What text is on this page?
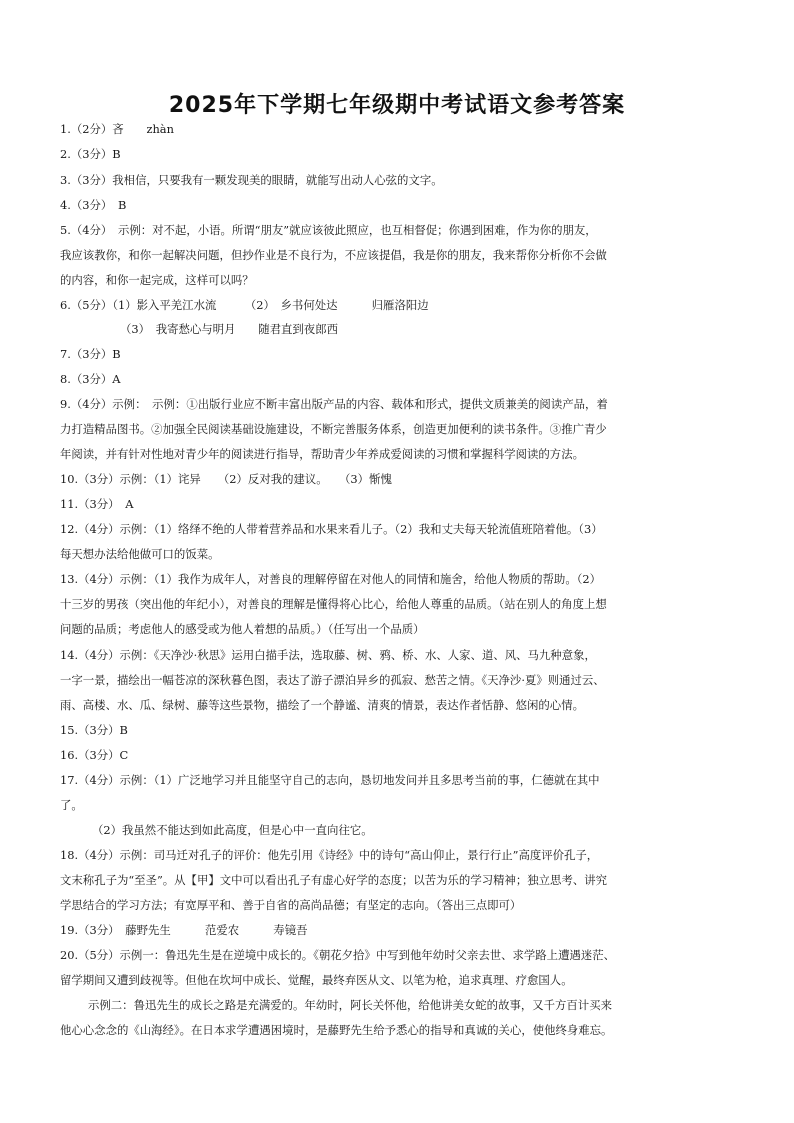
2025年下学期七年级期中考试语文参考答案
1.（2分）吝　　zhàn
2.（3分）B
3.（3分）我相信，只要我有一颗发现美的眼睛，就能写出动人心弦的文字。
4.（3分）　B
5.（4分）　示例：对不起，小语。所谓“朋友”就应该彼此照应，也互相督促；你遇到困难，作为你的朋友，
我应该教你，和你一起解决问题，但抄作业是不良行为，不应该提倡，我是你的朋友，我来帮你分析你不会做
的内容，和你一起完成，这样可以吗？
6.（5分）（1）影入平羌江水流　　　（2）　乡书何处达　　　归雁洛阳边
（3）　我寄愁心与明月　　随君直到夜郎西
7.（3分）B
8.（3分）A
9.（4分）示例：　示例：①出版行业应不断丰富出版产品的内容、载体和形式，提供文质兼美的阅读产品，着
力打造精品图书。②加强全民阅读基础设施建设，不断完善服务体系，创造更加便利的读书条件。③推广青少
年阅读，并有针对性地对青少年的阅读进行指导，帮助青少年养成爱阅读的习惯和掌握科学阅读的方法。
10.（3分）示例：（1）诧异　　（2）反对我的建议。　　（3）惭愧
11.（3分）　A
12.（4分）示例：（1）络绎不绝的人带着营养品和水果来看儿子。（2）我和丈夫每天轮流值班陪着他。（3）
每天想办法给他做可口的饭菜。
13.（4分）示例：（1）我作为成年人，对善良的理解停留在对他人的同情和施舍，给他人物质的帮助。（2）
十三岁的男孩（突出他的年纪小），对善良的理解是懂得将心比心，给他人尊重的品质。（站在别人的角度上想
问题的品质；考虑他人的感受或为他人着想的品质。）（任写出一个品质）
14.（4分）示例：《天净沙·秋思》运用白描手法，选取藤、树、鸦、桥、水、人家、道、风、马九种意象，
一字一景，描绘出一幅苍凉的深秋暮色图，表达了游子漂泊异乡的孤寂、愁苦之情。《天净沙·夏》则通过云、
雨、高楼、水、瓜、绿树、藤等这些景物，描绘了一个静谧、清爽的情景，表达作者恬静、悠闲的心情。
15.（3分）B
16.（3分）C
17.（4分）示例：（1）广泛地学习并且能坚守自己的志向，恳切地发问并且多思考当前的事，仁德就在其中
了。
（2）我虽然不能达到如此高度，但是心中一直向往它。
18.（4分）示例：司马迁对孔子的评价：他先引用《诗经》中的诗句“高山仰止，景行行止”高度评价孔子，
文末称孔子为“至圣”。从【甲】文中可以看出孔子有虚心好学的态度；以苦为乐的学习精神；独立思考、讲究
学思结合的学习方法；有宽厚平和、善于自省的高尚品德；有坚定的志向。（答出三点即可）
19.（3分）　藤野先生　　　范爱农　　　寿镜吾
20.（5分）示例一：鲁迅先生是在逆境中成长的。《朝花夕拾》中写到他年幼时父亲去世、求学路上遭遇迷茫、
留学期间又遭到歧视等。但他在坎坷中成长、觉醒，最终弃医从文、以笔为枪，追求真理、疗愈国人。
示例二：鲁迅先生的成长之路是充满爱的。年幼时，阿长关怀他，给他讲美女蛇的故事，又千方百计买来
他心心念念的《山海经》。在日本求学遭遇困境时，是藤野先生给予悉心的指导和真诚的关心，使他终身难忘。
